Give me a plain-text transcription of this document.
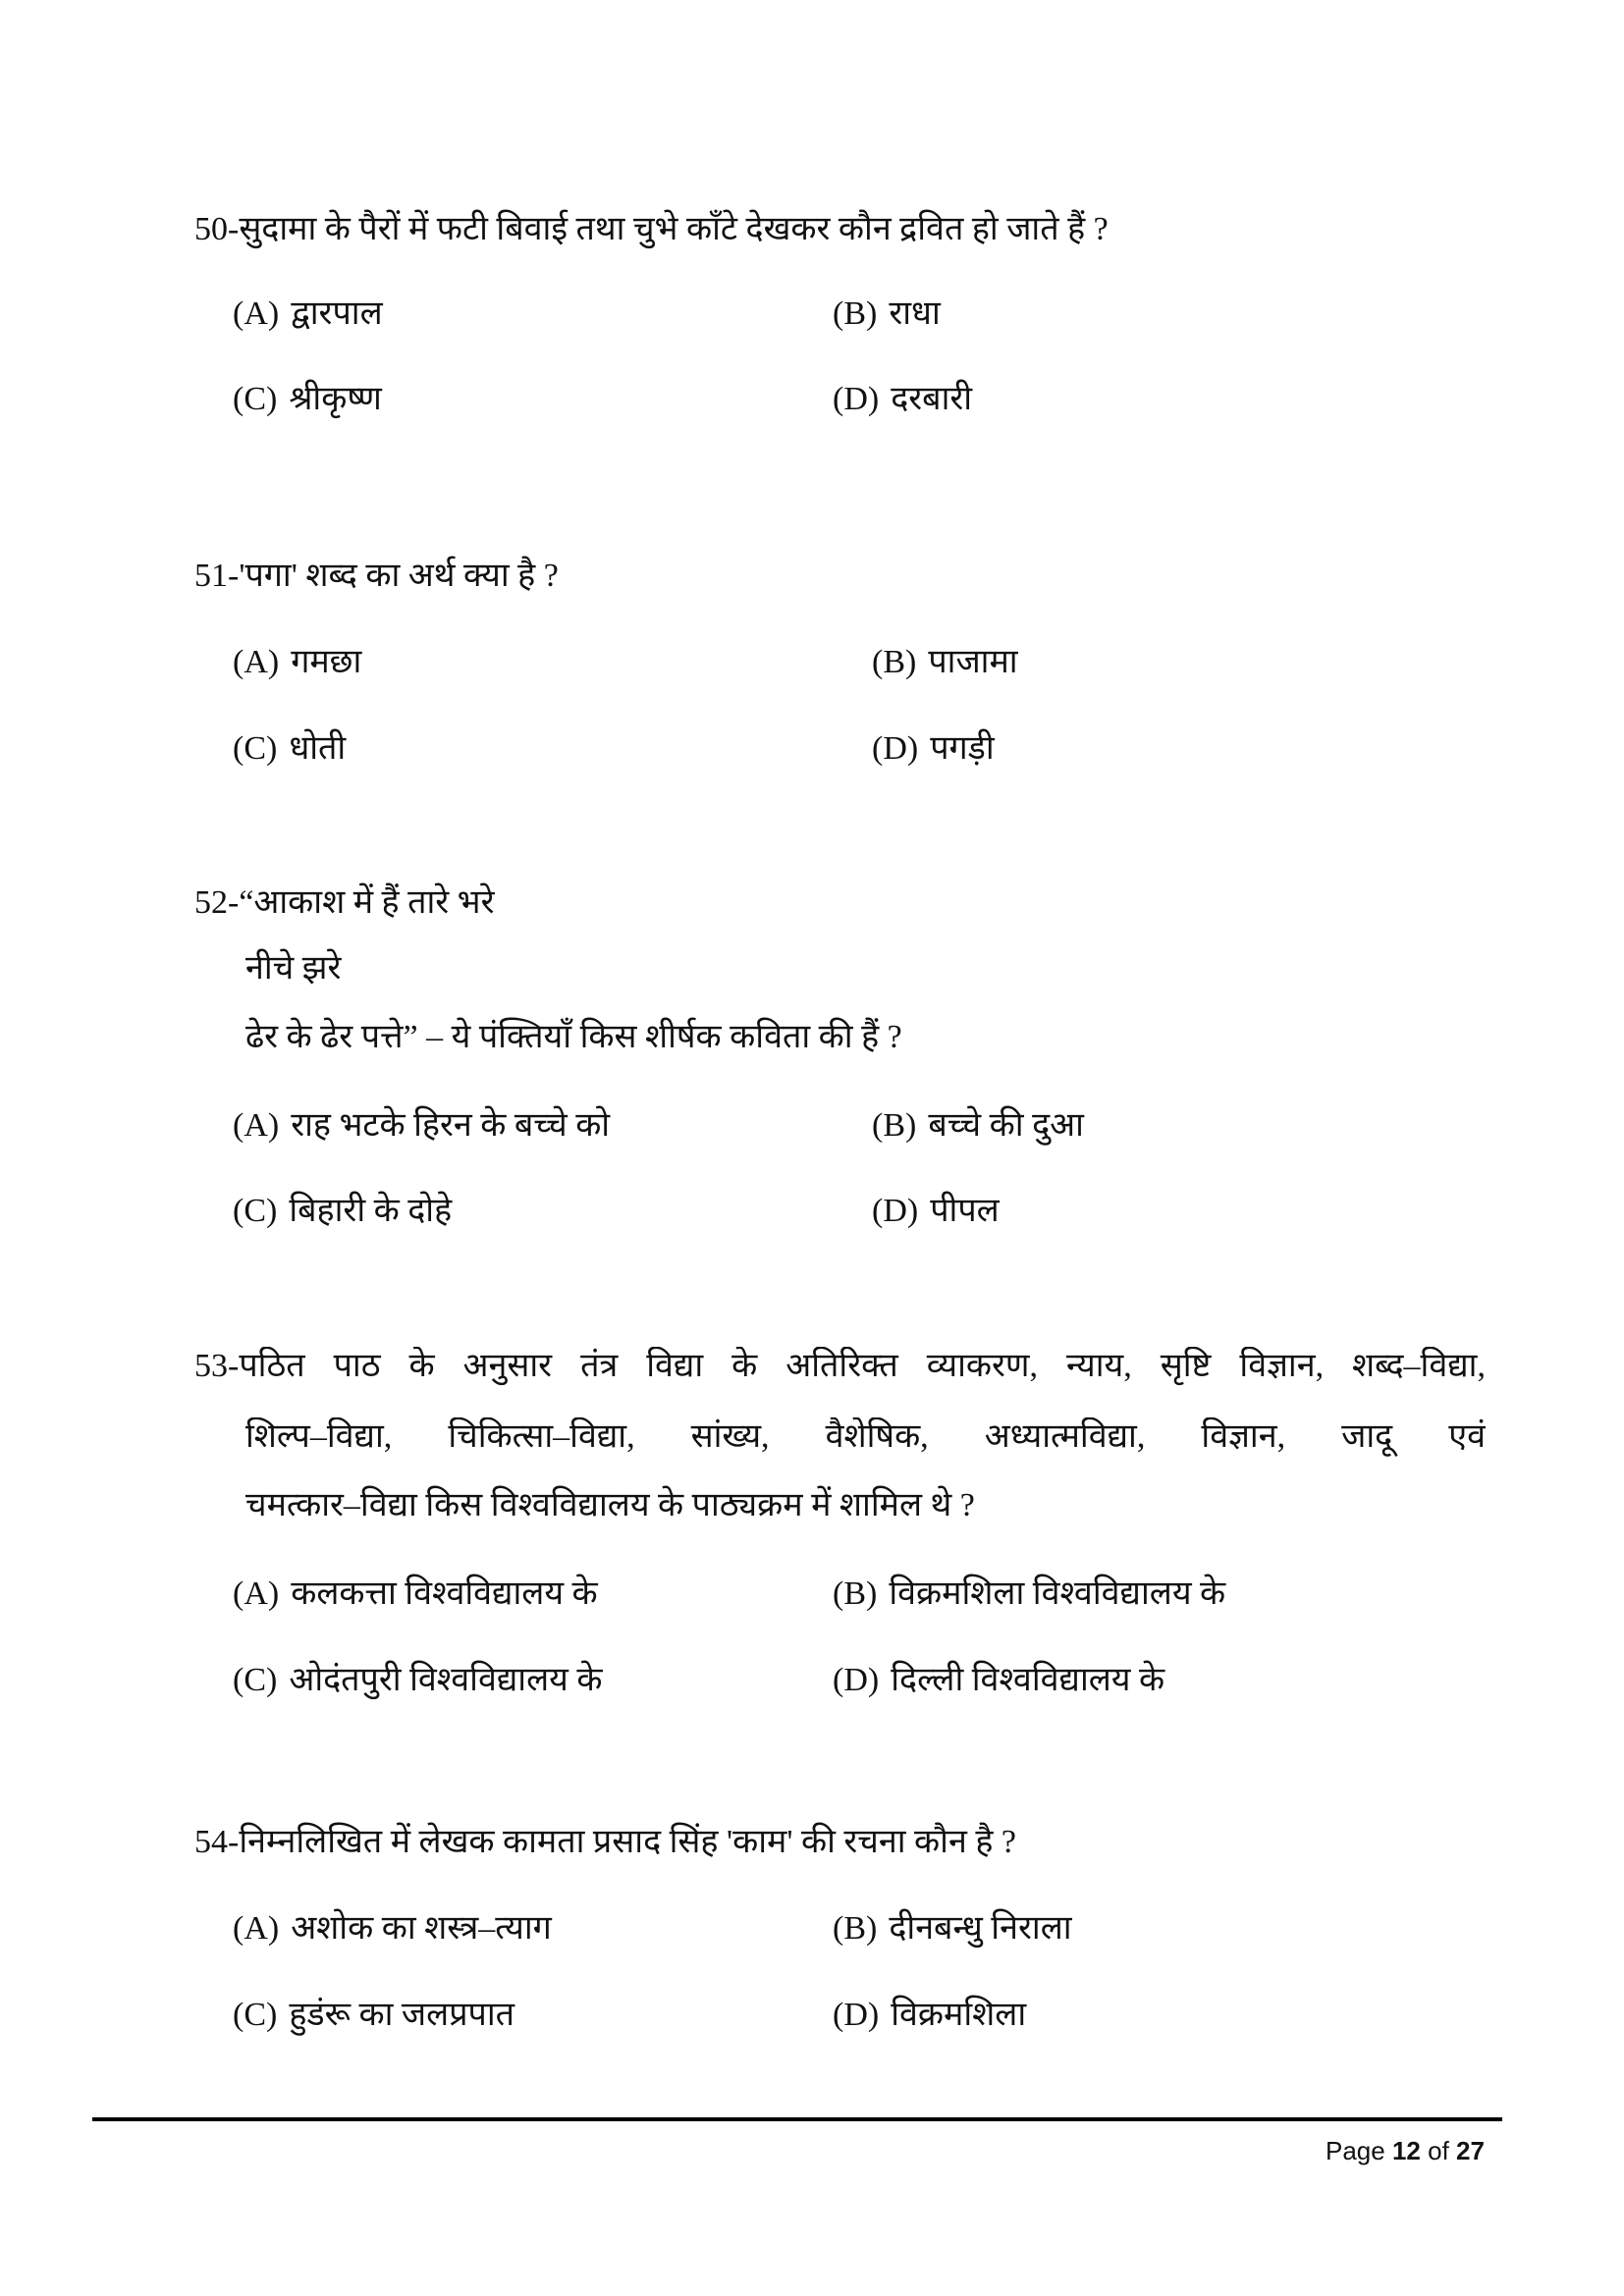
50-सुदामा के पैरों में फटी बिवाई तथा चुभे काँटे देखकर कौन द्रवित हो जाते हैं ?
(A) द्वारपाल	(B) राधा
(C) श्रीकृष्ण	(D) दरबारी
51-'पगा' शब्द का अर्थ क्या है ?
(A) गमछा	(B) पाजामा
(C) धोती	(D) पगड़ी
52-“आकाश में हैं तारे भरे
नीचे झरे
ढेर के ढेर पत्ते” – ये पंक्तियाँ किस शीर्षक कविता की हैं ?
(A) राह भटके हिरन के बच्चे को	(B) बच्चे की दुआ
(C) बिहारी के दोहे	(D) पीपल
53-पठित पाठ के अनुसार तंत्र विद्या के अतिरिक्त व्याकरण, न्याय, सृष्टि विज्ञान, शब्द–विद्या,
शिल्प–विद्या, चिकित्सा–विद्या, सांख्य, वैशेषिक, अध्यात्मविद्या, विज्ञान, जादू एवं
चमत्कार–विद्या किस विश्वविद्यालय के पाठ्यक्रम में शामिल थे ?
(A) कलकत्ता विश्वविद्यालय के	(B) विक्रमशिला विश्वविद्यालय के
(C) ओदंतपुरी विश्वविद्यालय के	(D) दिल्ली विश्वविद्यालय के
54-निम्नलिखित में लेखक कामता प्रसाद सिंह 'काम' की रचना कौन है ?
(A) अशोक का शस्त्र–त्याग	(B) दीनबन्धु निराला
(C) हुडंरू का जलप्रपात	(D) विक्रमशिला
Page 12 of 27
